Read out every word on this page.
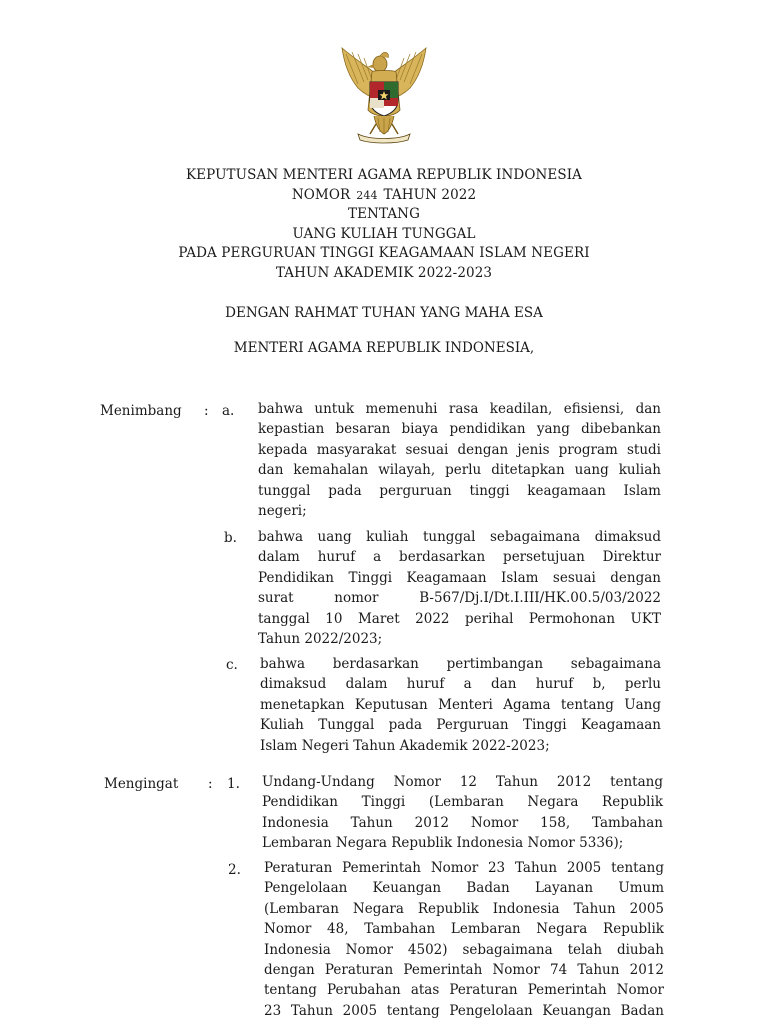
KEPUTUSAN MENTERI AGAMA REPUBLIK INDONESIA
NOMOR 244 TAHUN 2022
TENTANG
UANG KULIAH TUNGGAL
PADA PERGURUAN TINGGI KEAGAMAAN ISLAM NEGERI
TAHUN AKADEMIK 2022-2023
DENGAN RAHMAT TUHAN YANG MAHA ESA
MENTERI AGAMA REPUBLIK INDONESIA,
Menimbang : a. bahwa untuk memenuhi rasa keadilan, efisiensi, dan
kepastian besaran biaya pendidikan yang dibebankan
kepada masyarakat sesuai dengan jenis program studi
dan kemahalan wilayah, perlu ditetapkan uang kuliah
tunggal pada perguruan tinggi keagamaan Islam
negeri;
b. bahwa uang kuliah tunggal sebagaimana dimaksud
dalam huruf a berdasarkan persetujuan Direktur
Pendidikan Tinggi Keagamaan Islam sesuai dengan
surat nomor B-567/Dj.I/Dt.I.III/HK.00.5/03/2022
tanggal 10 Maret 2022 perihal Permohonan UKT
Tahun 2022/2023;
c. bahwa berdasarkan pertimbangan sebagaimana
dimaksud dalam huruf a dan huruf b, perlu
menetapkan Keputusan Menteri Agama tentang Uang
Kuliah Tunggal pada Perguruan Tinggi Keagamaan
Islam Negeri Tahun Akademik 2022-2023;
Mengingat : 1. Undang-Undang Nomor 12 Tahun 2012 tentang
Pendidikan Tinggi (Lembaran Negara Republik
Indonesia Tahun 2012 Nomor 158, Tambahan
Lembaran Negara Republik Indonesia Nomor 5336);
2. Peraturan Pemerintah Nomor 23 Tahun 2005 tentang
Pengelolaan Keuangan Badan Layanan Umum
(Lembaran Negara Republik Indonesia Tahun 2005
Nomor 48, Tambahan Lembaran Negara Republik
Indonesia Nomor 4502) sebagaimana telah diubah
dengan Peraturan Pemerintah Nomor 74 Tahun 2012
tentang Perubahan atas Peraturan Pemerintah Nomor
23 Tahun 2005 tentang Pengelolaan Keuangan Badan
